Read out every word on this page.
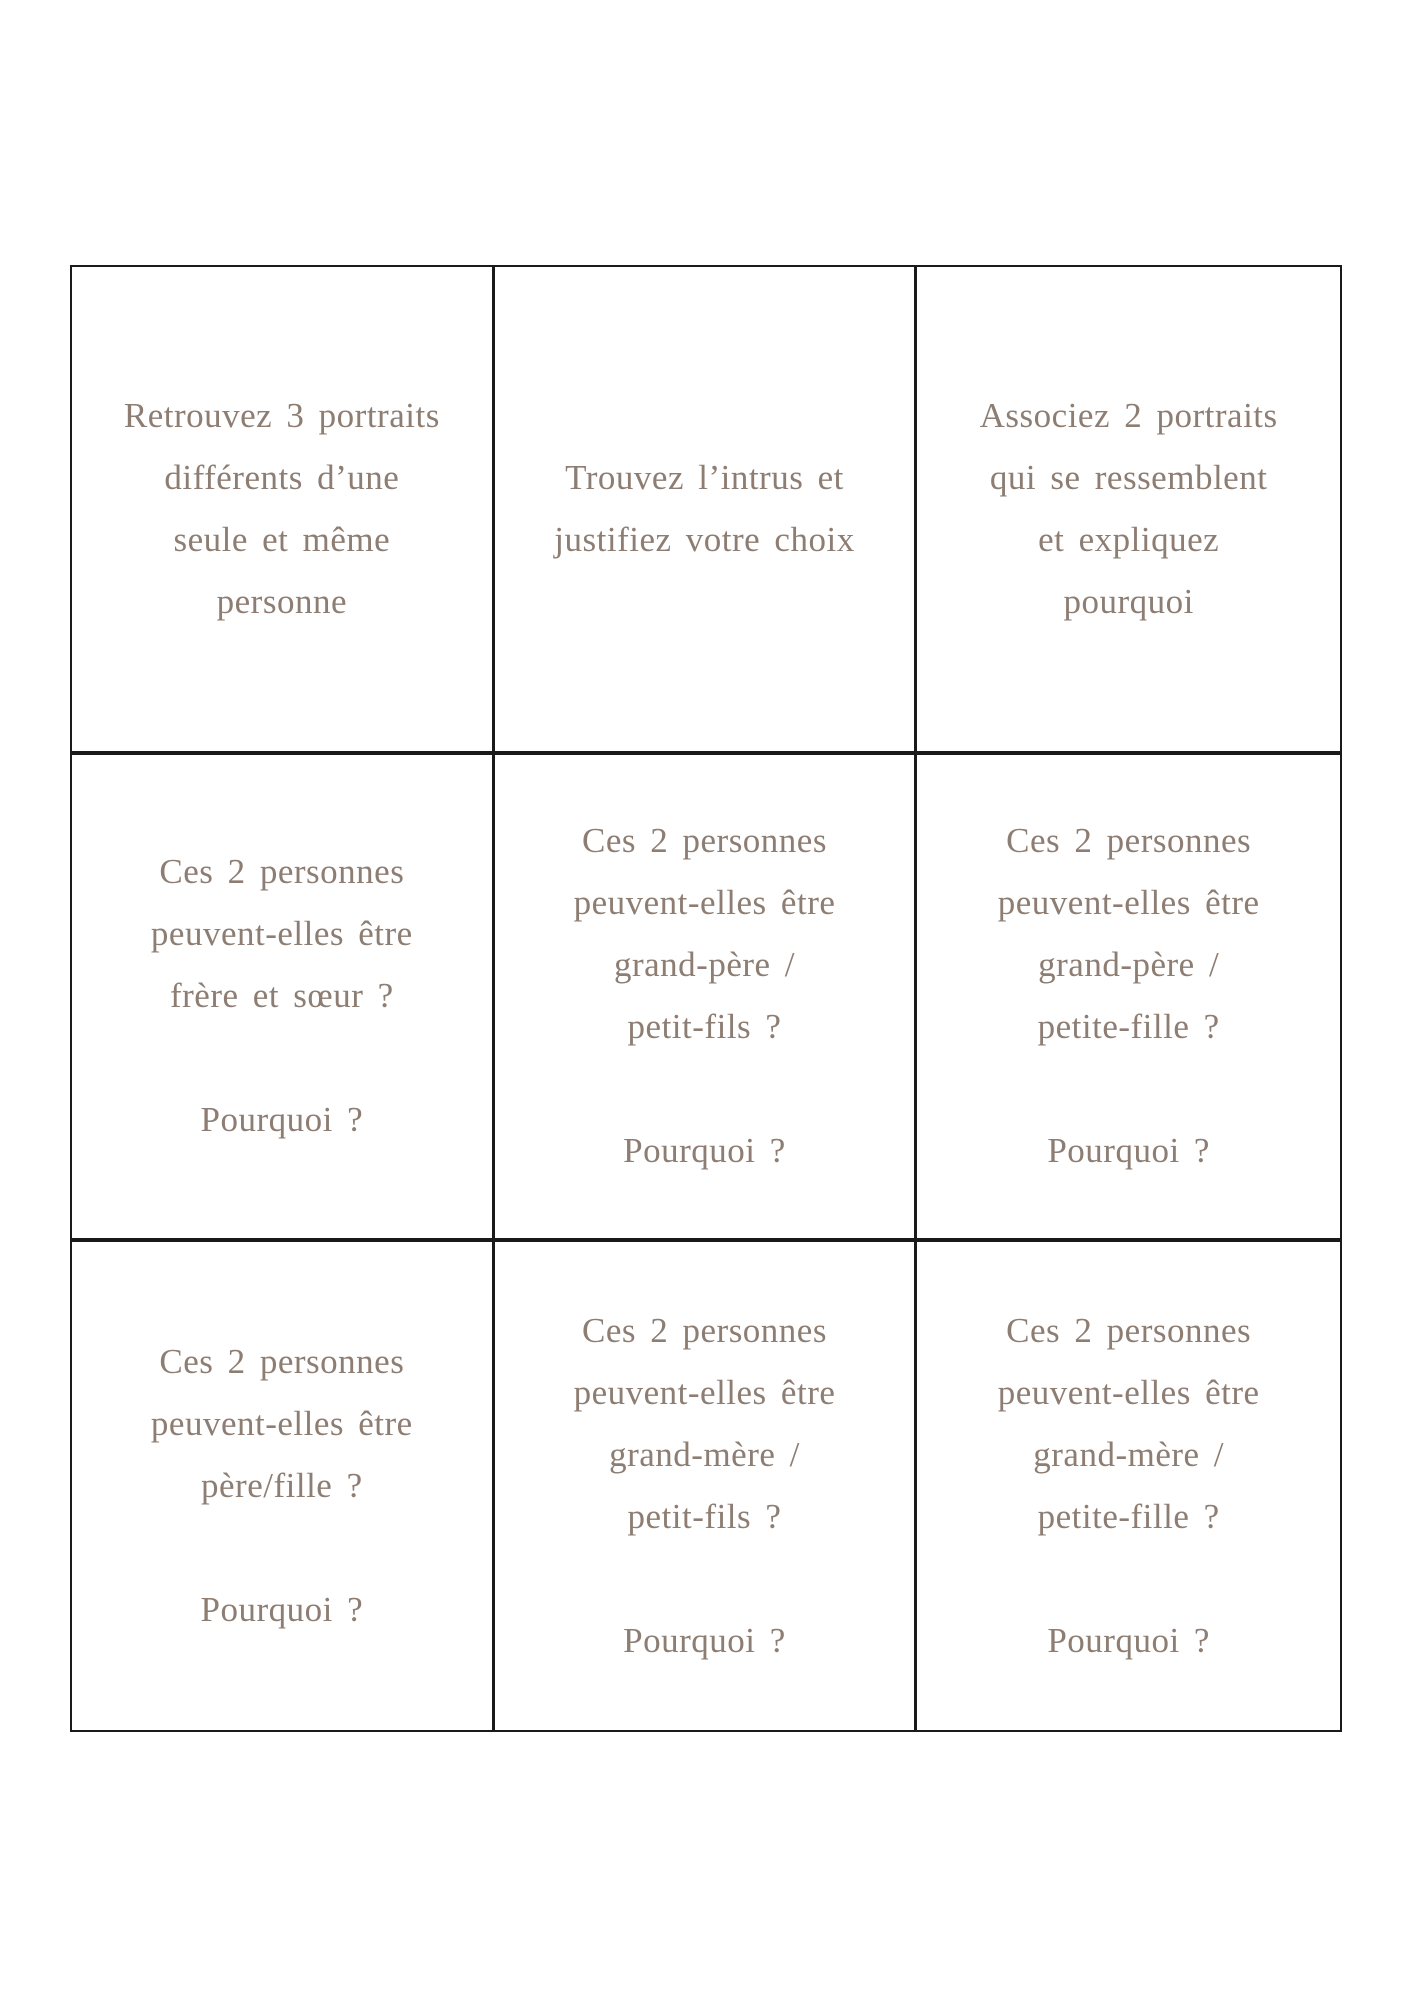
Retrouvez 3 portraits
différents d’une
seule et même
personne
Trouvez l’intrus et
justifiez votre choix
Associez 2 portraits
qui se ressemblent
et expliquez
pourquoi
Ces 2 personnes
peuvent-elles être
frère et sœur ?
Pourquoi ?
Ces 2 personnes
peuvent-elles être
grand-père /
petit-fils ?
Pourquoi ?
Ces 2 personnes
peuvent-elles être
grand-père /
petite-fille ?
Pourquoi ?
Ces 2 personnes
peuvent-elles être
père/fille ?
Pourquoi ?
Ces 2 personnes
peuvent-elles être
grand-mère /
petit-fils ?
Pourquoi ?
Ces 2 personnes
peuvent-elles être
grand-mère /
petite-fille ?
Pourquoi ?
